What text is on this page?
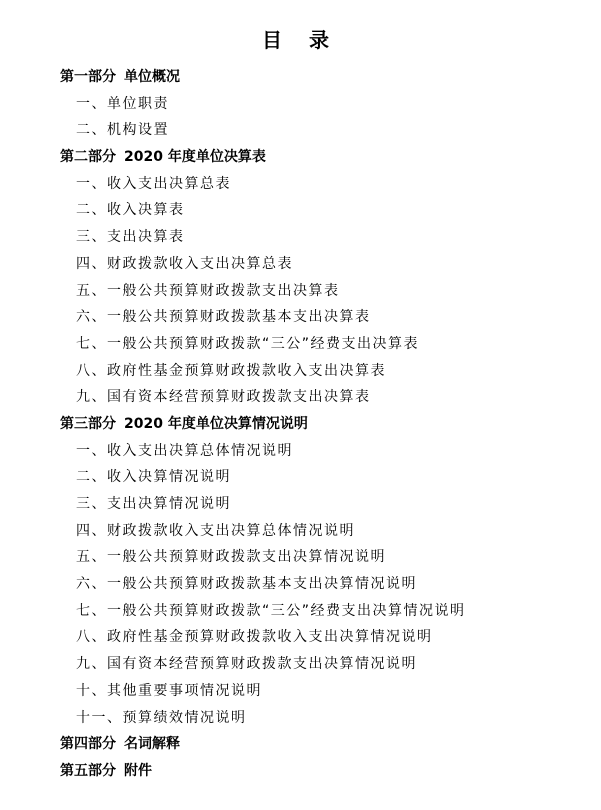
目 录
第一部分 单位概况
一、单位职责
二、机构设置
第二部分 2020 年度单位决算表
一、收入支出决算总表
二、收入决算表
三、支出决算表
四、财政拨款收入支出决算总表
五、一般公共预算财政拨款支出决算表
六、一般公共预算财政拨款基本支出决算表
七、一般公共预算财政拨款“三公”经费支出决算表
八、政府性基金预算财政拨款收入支出决算表
九、国有资本经营预算财政拨款支出决算表
第三部分 2020 年度单位决算情况说明
一、收入支出决算总体情况说明
二、收入决算情况说明
三、支出决算情况说明
四、财政拨款收入支出决算总体情况说明
五、一般公共预算财政拨款支出决算情况说明
六、一般公共预算财政拨款基本支出决算情况说明
七、一般公共预算财政拨款“三公”经费支出决算情况说明
八、政府性基金预算财政拨款收入支出决算情况说明
九、国有资本经营预算财政拨款支出决算情况说明
十、其他重要事项情况说明
十一、预算绩效情况说明
第四部分 名词解释
第五部分 附件
